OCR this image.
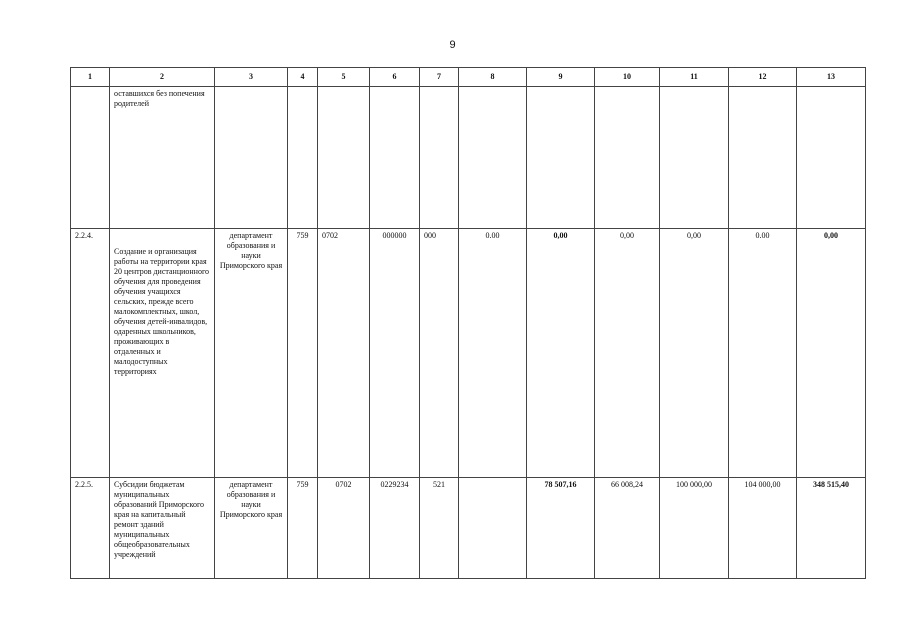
9
1	2	3	4	5	6	7	8	9	10	11	12	13
	оставшихся без попечения родителей											
2.2.4.	Создание и организация работы на территории края 20 центров дистанционного обучения для проведения обучения учащихся сельских, прежде всего малокомплектных, школ, обучения детей-инвалидов, одаренных школьников, проживающих в отдаленных и малодоступных территориях	департамент образования и науки Приморского края	759	0702	000000	000	0.00	0,00	0,00	0,00	0.00	0,00
2.2.5.	Субсидии бюджетам муниципальных образований Приморского края на капитальный ремонт зданий муниципальных общеобразовательных учреждений	департамент образования и науки Приморского края	759	0702	0229234	521		78 507,16	66 008,24	100 000,00	104 000,00	348 515,40
